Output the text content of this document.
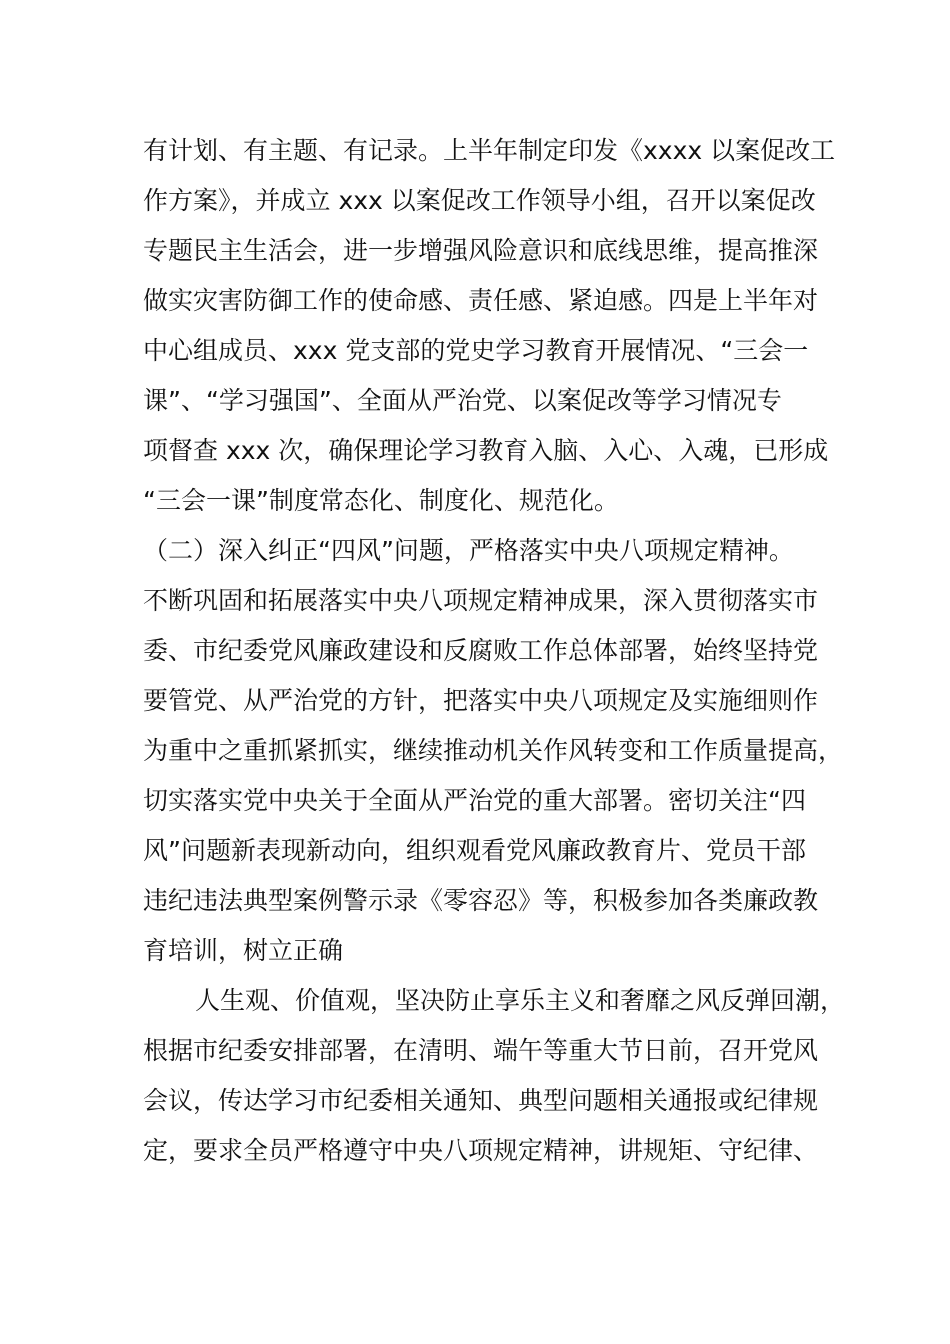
有计划、有主题、有记录。上半年制定印发《xxxx 以案促改工
作方案》，并成立 xxx 以案促改工作领导小组，召开以案促改
专题民主生活会，进一步增强风险意识和底线思维，提高推深
做实灾害防御工作的使命感、责任感、紧迫感。四是上半年对
中心组成员、xxx 党支部的党史学习教育开展情况、“三会一
课”、“学习强国”、全面从严治党、以案促改等学习情况专
项督查 xxx 次，确保理论学习教育入脑、入心、入魂，已形成
“三会一课”制度常态化、制度化、规范化。
（二）深入纠正“四风”问题，严格落实中央八项规定精神。
不断巩固和拓展落实中央八项规定精神成果，深入贯彻落实市
委、市纪委党风廉政建设和反腐败工作总体部署，始终坚持党
要管党、从严治党的方针，把落实中央八项规定及实施细则作
为重中之重抓紧抓实，继续推动机关作风转变和工作质量提高，
切实落实党中央关于全面从严治党的重大部署。密切关注“四
风”问题新表现新动向，组织观看党风廉政教育片、党员干部
违纪违法典型案例警示录《零容忍》等，积极参加各类廉政教
育培训，树立正确
人生观、价值观，坚决防止享乐主义和奢靡之风反弹回潮，
根据市纪委安排部署，在清明、端午等重大节日前，召开党风
会议，传达学习市纪委相关通知、典型问题相关通报或纪律规
定，要求全员严格遵守中央八项规定精神，讲规矩、守纪律、
